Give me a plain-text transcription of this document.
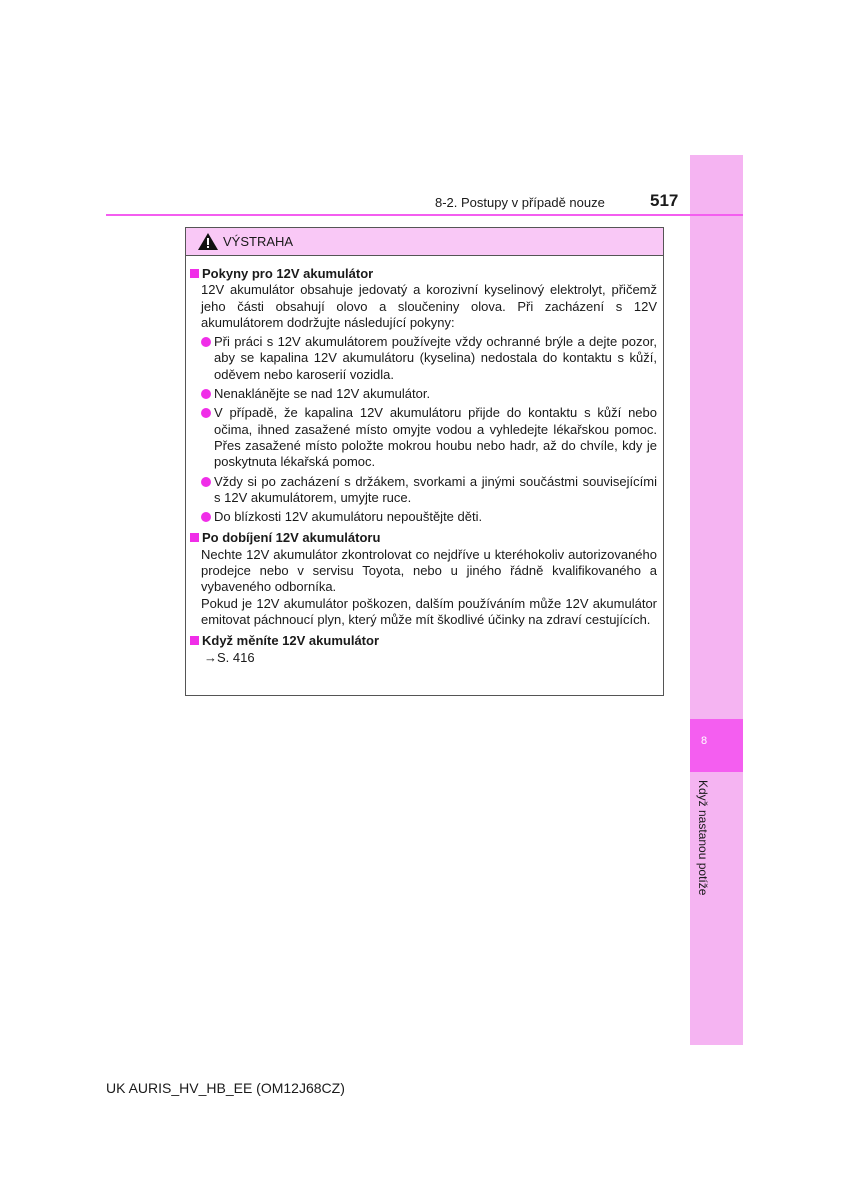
8
Když nastanou potíže
8-2. Postupy v případě nouze	517
VÝSTRAHA
Pokyny pro 12V akumulátor
12V akumulátor obsahuje jedovatý a korozivní kyselinový elektrolyt, přičemž jeho části obsahují olovo a sloučeniny olova. Při zacházení s 12V akumulátorem dodržujte následující pokyny:
Při práci s 12V akumulátorem používejte vždy ochranné brýle a dejte pozor, aby se kapalina 12V akumulátoru (kyselina) nedostala do kontaktu s kůží, oděvem nebo karoserií vozidla.
Nenaklánějte se nad 12V akumulátor.
V případě, že kapalina 12V akumulátoru přijde do kontaktu s kůží nebo očima, ihned zasažené místo omyjte vodou a vyhledejte lékařskou pomoc. Přes zasažené místo položte mokrou houbu nebo hadr, až do chvíle, kdy je poskytnuta lékařská pomoc.
Vždy si po zacházení s držákem, svorkami a jinými součástmi souvisejícími s 12V akumulátorem, umyjte ruce.
Do blízkosti 12V akumulátoru nepouštějte děti.
Po dobíjení 12V akumulátoru
Nechte 12V akumulátor zkontrolovat co nejdříve u kteréhokoliv autorizovaného prodejce nebo v servisu Toyota, nebo u jiného řádně kvalifikovaného a vybaveného odborníka.
Pokud je 12V akumulátor poškozen, dalším používáním může 12V akumulátor emitovat páchnoucí plyn, který může mít škodlivé účinky na zdraví cestujících.
Když měníte 12V akumulátor
→S. 416
UK AURIS_HV_HB_EE (OM12J68CZ)
